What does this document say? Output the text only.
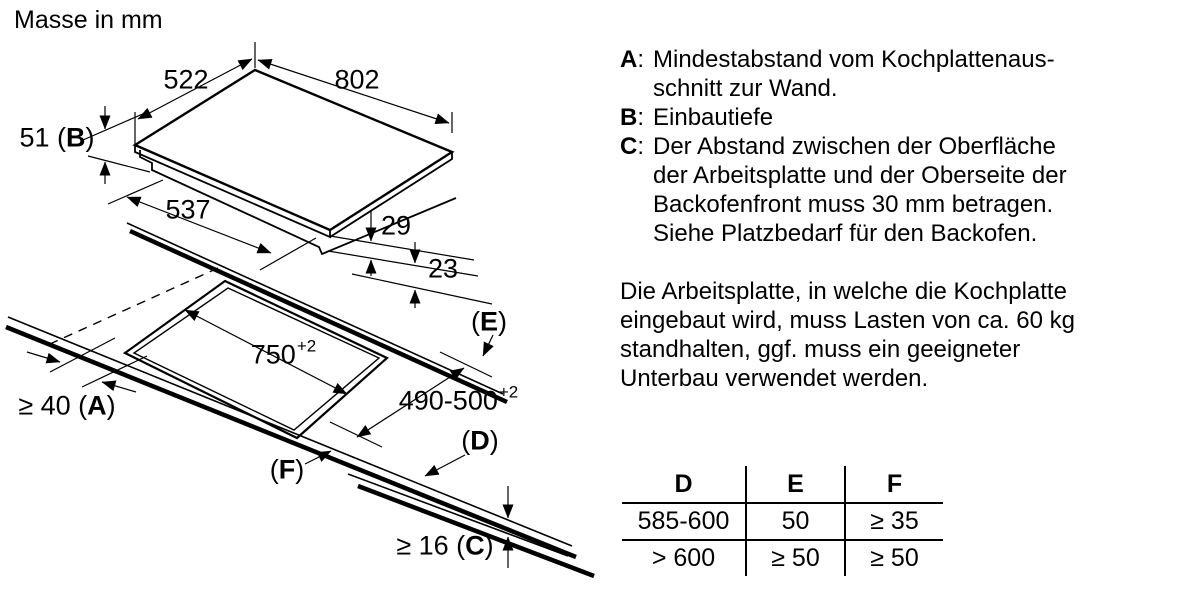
Masse in mm
522	802
51 (B)
537
29
23
$750^{+2}$
$490-500^{+2}$
(E)
≥ 40 (A)
(D)
(F)
≥ 16 (C)
A: Mindestabstand vom Kochplattenaus-
schnitt zur Wand.
B: Einbautiefe
C: Der Abstand zwischen der Oberfläche
der Arbeitsplatte und der Oberseite der
Backofenfront muss 30 mm betragen.
Siehe Platzbedarf für den Backofen.
Die Arbeitsplatte, in welche die Kochplatte
eingebaut wird, muss Lasten von ca. 60 kg
standhalten, ggf. muss ein geeigneter
Unterbau verwendet werden.
D	E	F
585-600	50	≥ 35
> 600	≥ 50	≥ 50
